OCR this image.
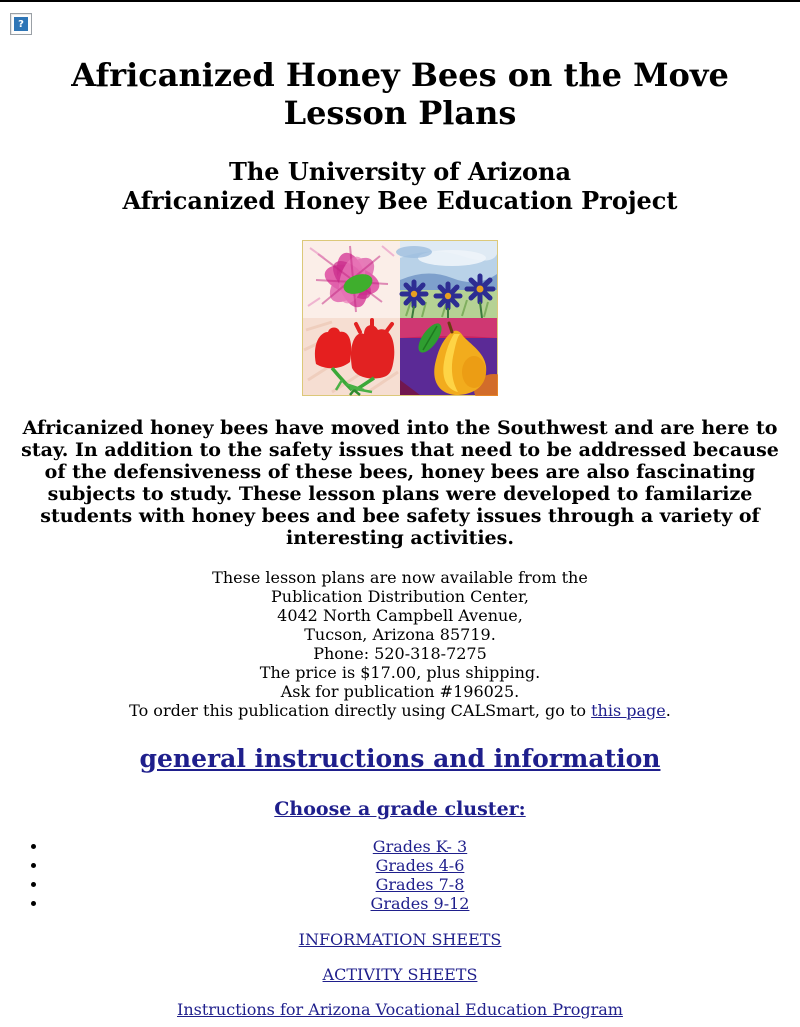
?
Africanized Honey Bees on the Move
Lesson Plans
The University of Arizona
Africanized Honey Bee Education Project

Africanized honey bees have moved into the Southwest and are here to stay. In addition to the safety issues that need to be addressed because of the defensiveness of these bees, honey bees are also fascinating subjects to study. These lesson plans were developed to familarize students with honey bees and bee safety issues through a variety of interesting activities.

These lesson plans are now available from the
Publication Distribution Center,
4042 North Campbell Avenue,
Tucson, Arizona 85719.
Phone: 520-318-7275
The price is $17.00, plus shipping.
Ask for publication #196025.
To order this publication directly using CALSmart, go to this page.
general instructions and information
Choose a grade cluster:
• Grades K- 3
• Grades 4-6
• Grades 7-8
• Grades 9-12

INFORMATION SHEETS

ACTIVITY SHEETS

Instructions for Arizona Vocational Education Program
